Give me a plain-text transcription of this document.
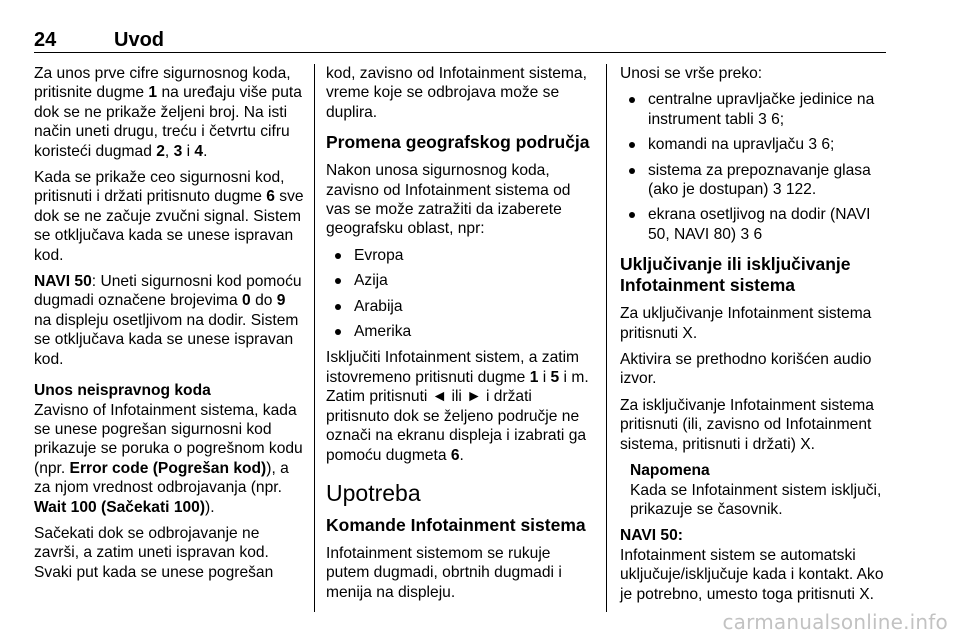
24	Uvod

Za unos prve cifre sigurnosnog koda, pritisnite dugme 1 na uređaju više puta dok se ne prikaže željeni broj. Na isti način uneti drugu, treću i četvrtu cifru koristeći dugmad 2, 3 i 4.

Kada se prikaže ceo sigurnosni kod, pritisnuti i držati pritisnuto dugme 6 sve dok se ne začuje zvučni signal. Sistem se otključava kada se unese ispravan kod.

NAVI 50: Uneti sigurnosni kod pomoću dugmadi označene brojevima 0 do 9 na displeju osetljivom na dodir. Sistem se otključava kada se unese ispravan kod.

Unos neispravnog koda

Zavisno of Infotainment sistema, kada se unese pogrešan sigurnosni kod prikazuje se poruka o pogrešnom kodu (npr. Error code (Pogrešan kod)), a za njom vrednost odbrojavanja (npr. Wait 100 (Sačekati 100)).

Sačekati dok se odbrojavanje ne završi, a zatim uneti ispravan kod. Svaki put kada se unese pogrešan

kod, zavisno od Infotainment sistema, vreme koje se odbrojava može se duplira.

Promena geografskog područja

Nakon unosa sigurnosnog koda, zavisno od Infotainment sistema od vas se može zatražiti da izaberete geografsku oblast, npr:

Evropa
Azija
Arabija
Amerika

Isključiti Infotainment sistem, a zatim istovremeno pritisnuti dugme 1 i 5 i m. Zatim pritisnuti ◄ ili ► i držati pritisnuto dok se željeno područje ne označi na ekranu displeja i izabrati ga pomoću dugmeta 6.

Upotreba
Komande Infotainment sistema

Infotainment sistemom se rukuje putem dugmadi, obrtnih dugmadi i menija na displeju.

Unosi se vrše preko:

centralne upravljačke jedinice na instrument tabli 3 6;
komandi na upravljaču 3 6;
sistema za prepoznavanje glasa (ako je dostupan) 3 122.
ekrana osetljivog na dodir (NAVI 50, NAVI 80) 3 6
Uključivanje ili isključivanje Infotainment sistema

Za uključivanje Infotainment sistema pritisnuti X.

Aktivira se prethodno korišćen audio izvor.

Za isključivanje Infotainment sistema pritisnuti (ili, zavisno od Infotainment sistema, pritisnuti i držati) X.

Napomena

Kada se Infotainment sistem isključi, prikazuje se časovnik.

NAVI 50:

Infotainment sistem se automatski uključuje/isključuje kada i kontakt. Ako je potrebno, umesto toga pritisnuti X.

carmanualsonline.info
